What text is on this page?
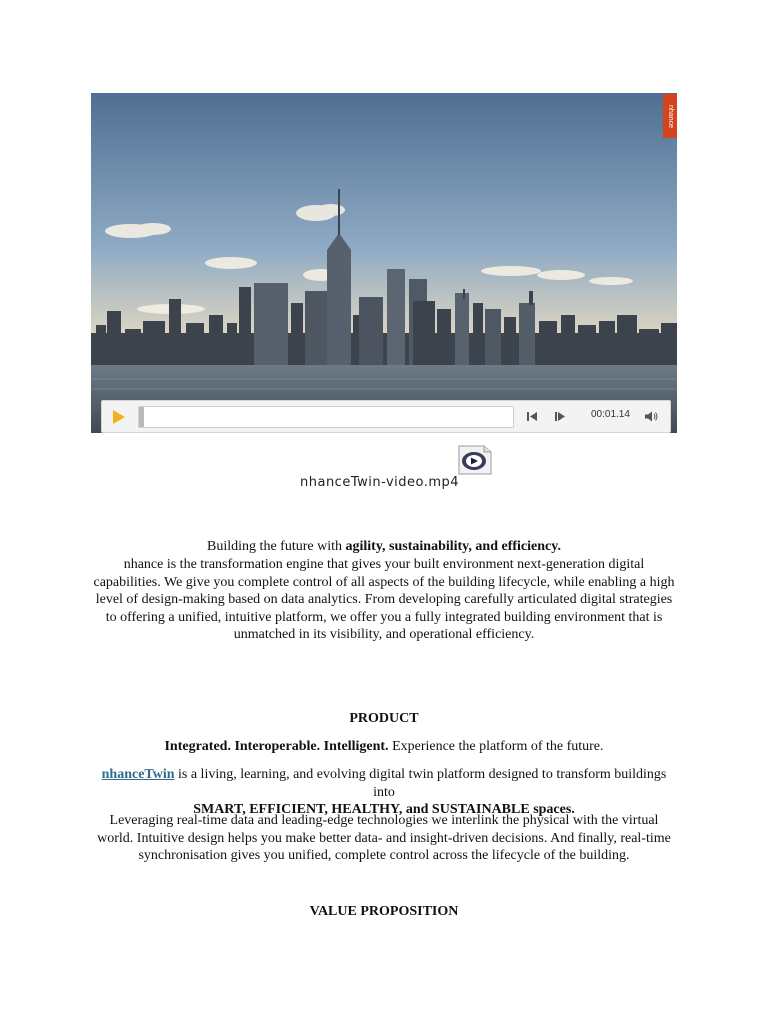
nhance
00:01.14
nhanceTwin-video.mp4
Building the future with agility, sustainability, and efficiency.
nhance is the transformation engine that gives your built environment next-generation digital capabilities. We give you complete control of all aspects of the building lifecycle, while enabling a high level of design-making based on data analytics. From developing carefully articulated digital strategies to offering a unified, intuitive platform, we offer you a fully integrated building environment that is unmatched in its visibility, and operational efficiency.
PRODUCT
Integrated. Interoperable. Intelligent. Experience the platform of the future.
nhanceTwin is a living, learning, and evolving digital twin platform designed to transform buildings into
SMART, EFFICIENT, HEALTHY, and SUSTAINABLE spaces.
Leveraging real-time data and leading-edge technologies we interlink the physical with the virtual world. Intuitive design helps you make better data- and insight-driven decisions. And finally, real-time synchronisation gives you unified, complete control across the lifecycle of the building.
VALUE PROPOSITION
